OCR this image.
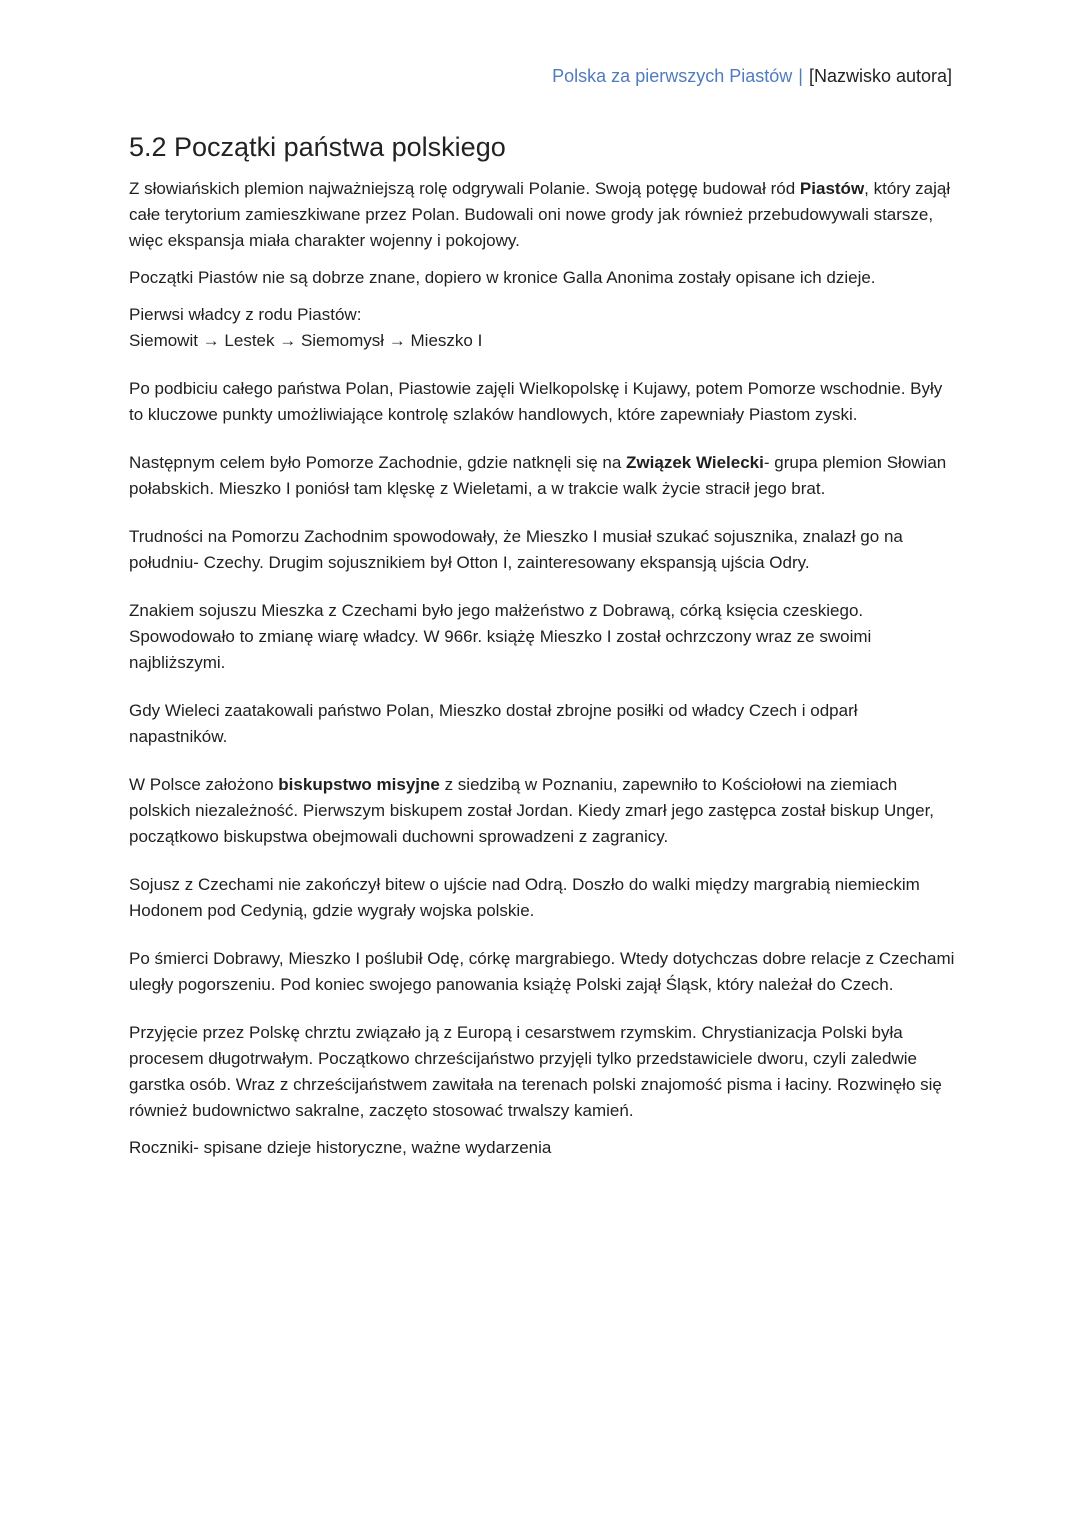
Polska za pierwszych Piastów | [Nazwisko autora]
5.2 Początki państwa polskiego

Z słowiańskich plemion najważniejszą rolę odgrywali Polanie. Swoją potęgę budował ród Piastów, który zajął całe terytorium zamieszkiwane przez Polan. Budowali oni nowe grody jak również przebudowywali starsze, więc ekspansja miała charakter wojenny i pokojowy.

Początki Piastów nie są dobrze znane, dopiero w kronice Galla Anonima zostały opisane ich dzieje.

Pierwsi władcy z rodu Piastów:
Siemowit → Lestek → Siemomysł → Mieszko I

Po podbiciu całego państwa Polan, Piastowie zajęli Wielkopolskę i Kujawy, potem Pomorze wschodnie. Były to kluczowe punkty umożliwiające kontrolę szlaków handlowych, które zapewniały Piastom zyski.

Następnym celem było Pomorze Zachodnie, gdzie natknęli się na Związek Wielecki- grupa plemion Słowian połabskich. Mieszko I poniósł tam klęskę z Wieletami, a w trakcie walk życie stracił jego brat.

Trudności na Pomorzu Zachodnim spowodowały, że Mieszko I musiał szukać sojusznika, znalazł go na południu- Czechy. Drugim sojusznikiem był Otton I, zainteresowany ekspansją ujścia Odry.

Znakiem sojuszu Mieszka z Czechami było jego małżeństwo z Dobrawą, córką księcia czeskiego. Spowodowało to zmianę wiarę władcy. W 966r. książę Mieszko I został ochrzczony wraz ze swoimi najbliższymi.

Gdy Wieleci zaatakowali państwo Polan, Mieszko dostał zbrojne posiłki od władcy Czech i odparł napastników.

W Polsce założono biskupstwo misyjne z siedzibą w Poznaniu, zapewniło to Kościołowi na ziemiach polskich niezależność. Pierwszym biskupem został Jordan. Kiedy zmarł jego zastępca został biskup Unger, początkowo biskupstwa obejmowali duchowni sprowadzeni z zagranicy.

Sojusz z Czechami nie zakończył bitew o ujście nad Odrą. Doszło do walki między margrabią niemieckim Hodonem pod Cedynią, gdzie wygrały wojska polskie.

Po śmierci Dobrawy, Mieszko I poślubił Odę, córkę margrabiego. Wtedy dotychczas dobre relacje z Czechami uległy pogorszeniu. Pod koniec swojego panowania książę Polski zajął Śląsk, który należał do Czech.

Przyjęcie przez Polskę chrztu związało ją z Europą i cesarstwem rzymskim. Chrystianizacja Polski była procesem długotrwałym. Początkowo chrześcijaństwo przyjęli tylko przedstawiciele dworu, czyli zaledwie garstka osób. Wraz z chrześcijaństwem zawitała na terenach polski znajomość pisma i łaciny. Rozwinęło się również budownictwo sakralne, zaczęto stosować trwalszy kamień.

Roczniki- spisane dzieje historyczne, ważne wydarzenia
